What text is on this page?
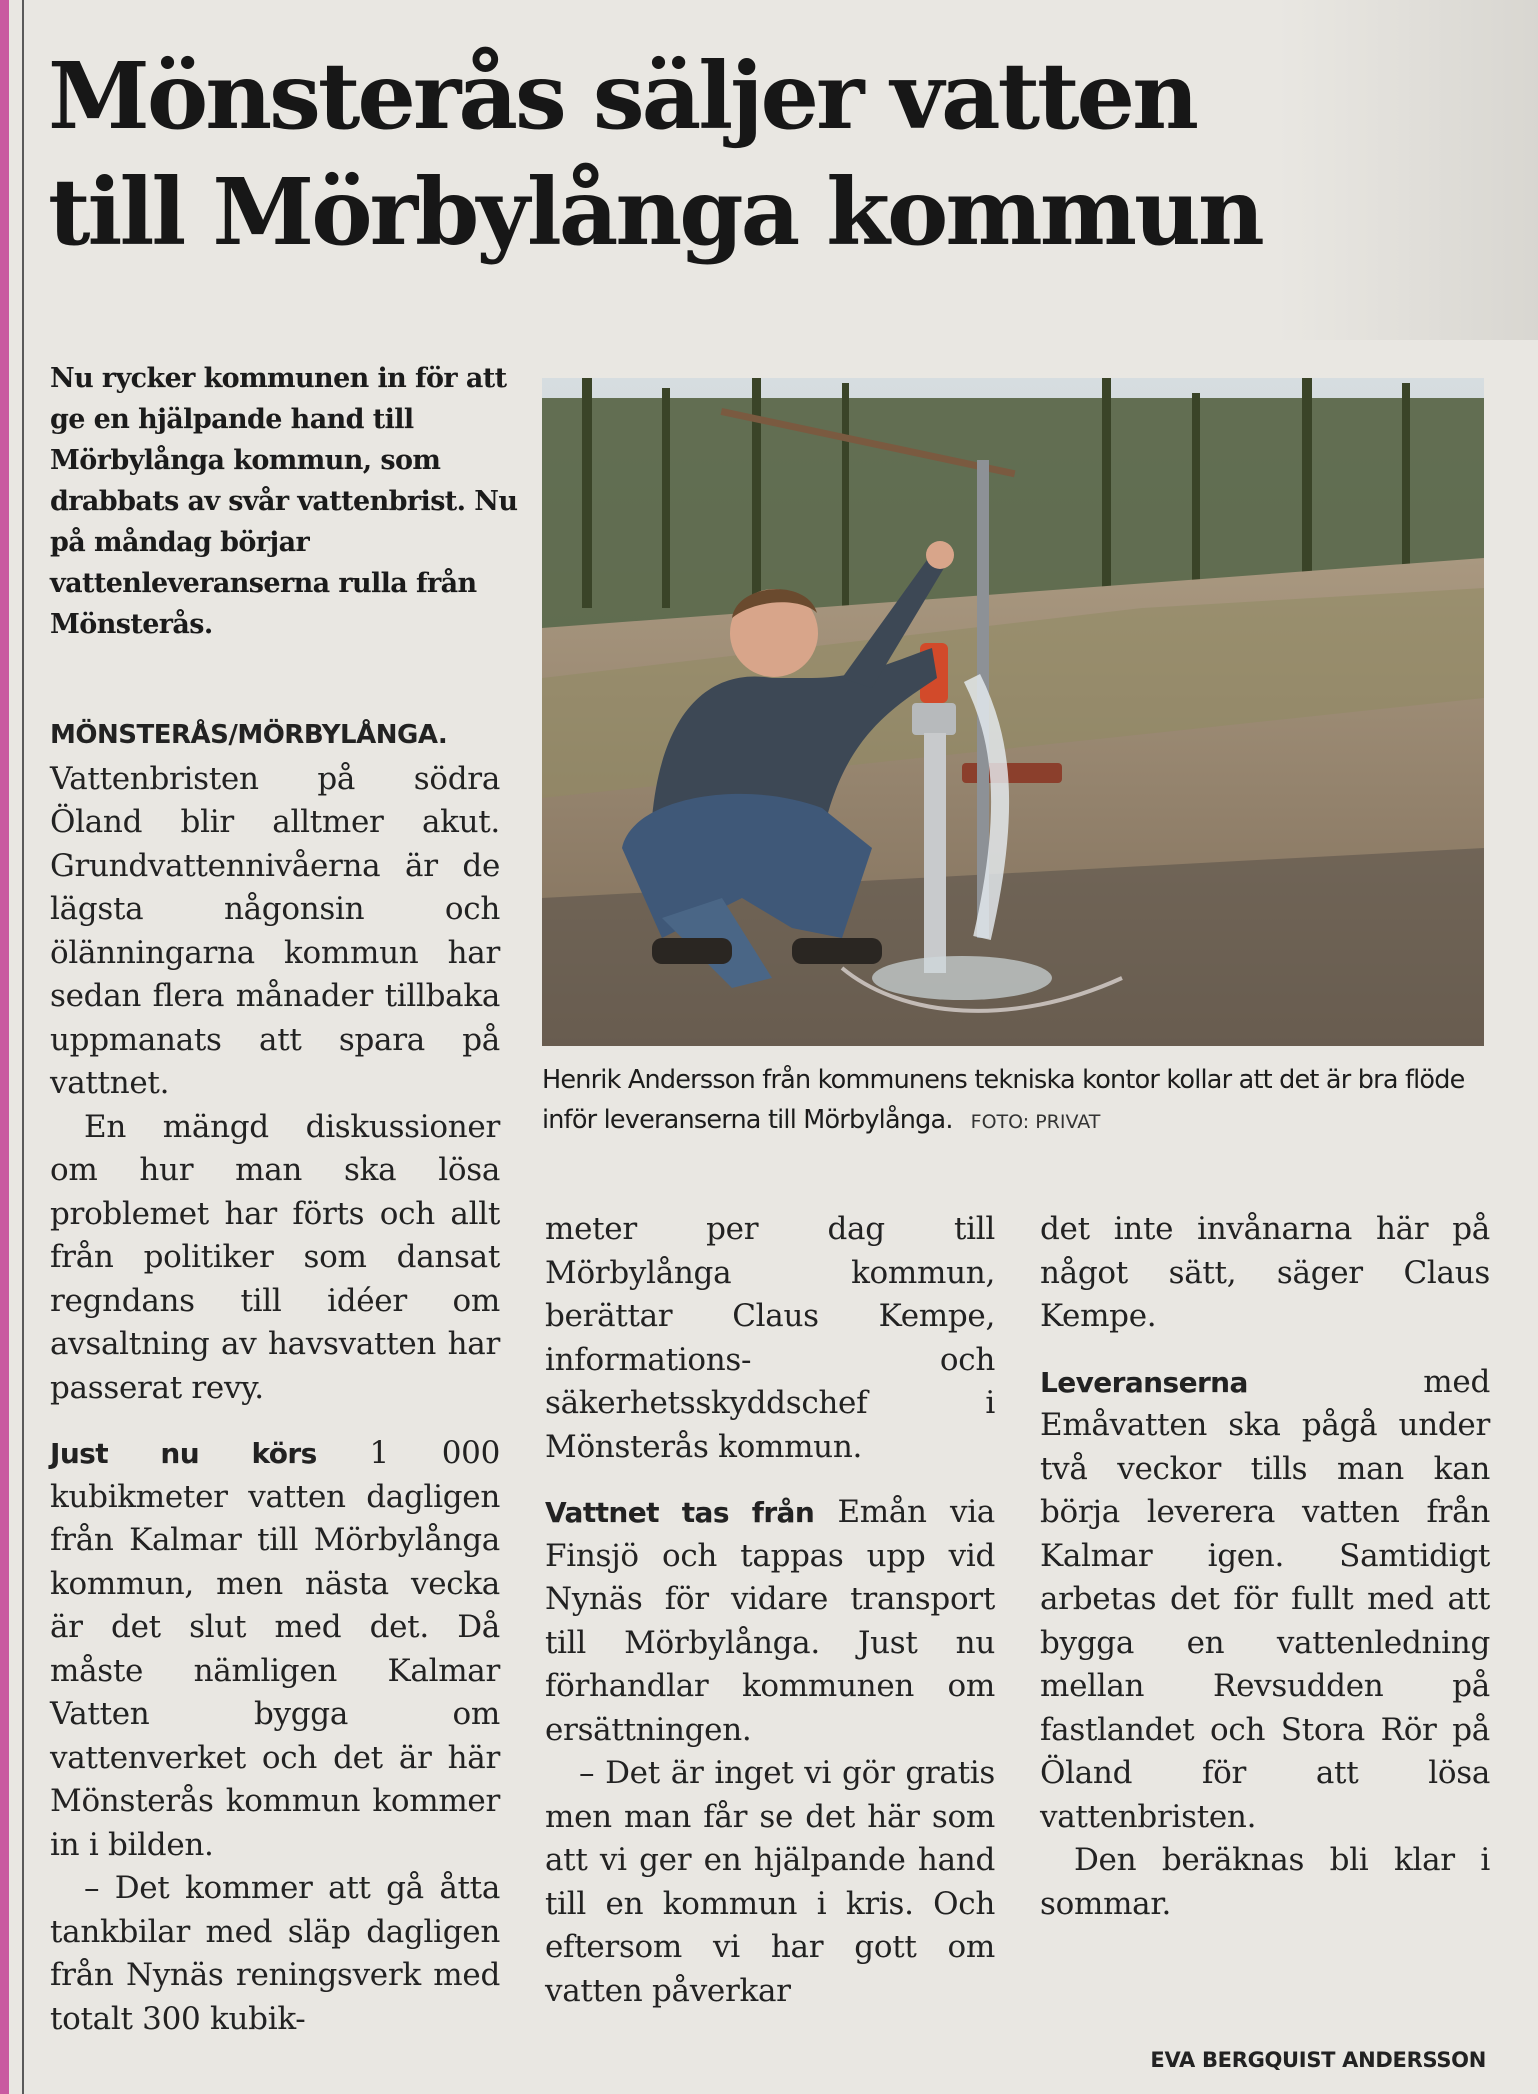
Mönsterås säljer vatten
till Mörbylånga kommun

Nu rycker kommunen in för att ge en hjälpande hand till Mörbylånga kommun, som drabbats av svår vattenbrist. Nu på måndag börjar vattenleveranserna rulla från Mönsterås.

Henrik Andersson från kommunens tekniska kontor kollar att det är bra flöde inför leveranserna till Mörbylånga. FOTO: PRIVAT

MÖNSTERÅS/MÖRBYLÅNGA. Vattenbristen på södra Öland blir alltmer akut. Grundvattennivåerna är de lägsta någonsin och ölänningarna kommun har sedan flera månader tillbaka uppmanats att spara på vattnet.

En mängd diskussioner om hur man ska lösa problemet har förts och allt från politiker som dansat regndans till idéer om avsaltning av havsvatten har passerat revy.

Just nu körs 1 000 kubikmeter vatten dagligen från Kalmar till Mörbylånga kommun, men nästa vecka är det slut med det. Då måste nämligen Kalmar Vatten bygga om vattenverket och det är här Mönsterås kommun kommer in i bilden.

– Det kommer att gå åtta tankbilar med släp dagligen från Nynäs reningsverk med totalt 300 kubik-

meter per dag till Mörbylånga kommun, berättar Claus Kempe, informations- och säkerhetsskyddschef i Mönsterås kommun.

Vattnet tas från Emån via Finsjö och tappas upp vid Nynäs för vidare transport till Mörbylånga. Just nu förhandlar kommunen om ersättningen.

– Det är inget vi gör gratis men man får se det här som att vi ger en hjälpande hand till en kommun i kris. Och eftersom vi har gott om vatten påverkar

det inte invånarna här på något sätt, säger Claus Kempe.

Leveranserna med Emåvatten ska pågå under två veckor tills man kan börja leverera vatten från Kalmar igen. Samtidigt arbetas det för fullt med att bygga en vattenledning mellan Revsudden på fastlandet och Stora Rör på Öland för att lösa vattenbristen.

Den beräknas bli klar i sommar.

EVA BERGQUIST ANDERSSON
